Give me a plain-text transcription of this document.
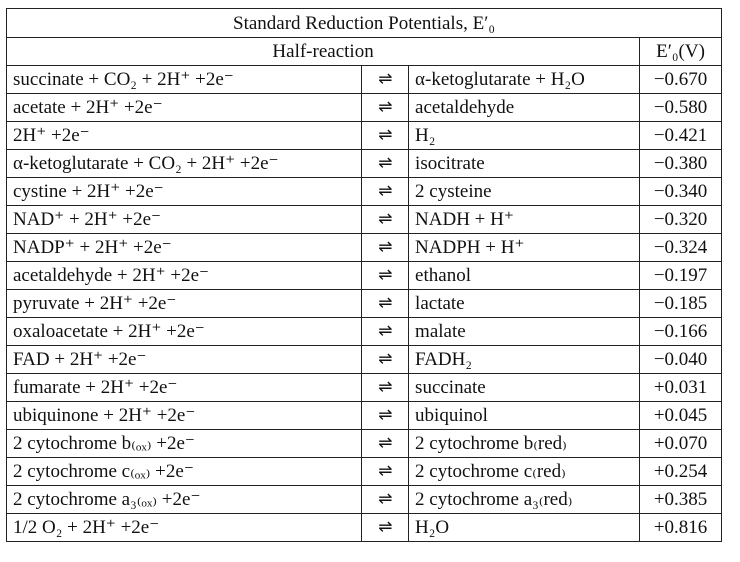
Standard Reduction Potentials, E′₀			
Half-reaction			E′₀(V)
succinate + CO₂ + 2H⁺ +2e⁻	⇌	α-ketoglutarate + H₂O	−0.670
acetate + 2H⁺ +2e⁻	⇌	acetaldehyde	−0.580
2H⁺ +2e⁻	⇌	H₂	−0.421
α-ketoglutarate + CO₂ + 2H⁺ +2e⁻	⇌	isocitrate	−0.380
cystine + 2H⁺ +2e⁻	⇌	2 cysteine	−0.340
NAD⁺ + 2H⁺ +2e⁻	⇌	NADH + H⁺	−0.320
NADP⁺ + 2H⁺ +2e⁻	⇌	NADPH + H⁺	−0.324
acetaldehyde + 2H⁺ +2e⁻	⇌	ethanol	−0.197
pyruvate + 2H⁺ +2e⁻	⇌	lactate	−0.185
oxaloacetate + 2H⁺ +2e⁻	⇌	malate	−0.166
FAD + 2H⁺ +2e⁻	⇌	FADH₂	−0.040
fumarate + 2H⁺ +2e⁻	⇌	succinate	+0.031
ubiquinone + 2H⁺ +2e⁻	⇌	ubiquinol	+0.045
2 cytochrome b₍ₒₓ₎ +2e⁻	⇌	2 cytochrome b₍red₎	+0.070
2 cytochrome c₍ₒₓ₎ +2e⁻	⇌	2 cytochrome c₍red₎	+0.254
2 cytochrome a₃₍ₒₓ₎ +2e⁻	⇌	2 cytochrome a₃₍red₎	+0.385
1/2 O₂ + 2H⁺ +2e⁻	⇌	H₂O	+0.816
